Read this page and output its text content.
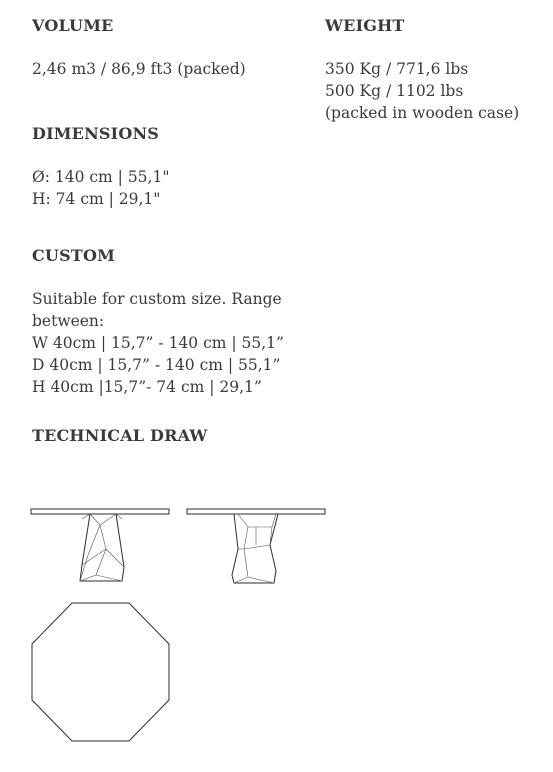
VOLUME
2,46 m3 / 86,9 ft3 (packed)
WEIGHT
350 Kg / 771,6 lbs
500 Kg / 1102 lbs
(packed in wooden case)
DIMENSIONS
Ø: 140 cm | 55,1"
H: 74 cm | 29,1"
CUSTOM
Suitable for custom size. Range
between:
W 40cm | 15,7” - 140 cm | 55,1”
D 40cm | 15,7” - 140 cm | 55,1”
H 40cm |15,7”- 74 cm | 29,1”
TECHNICAL DRAW
